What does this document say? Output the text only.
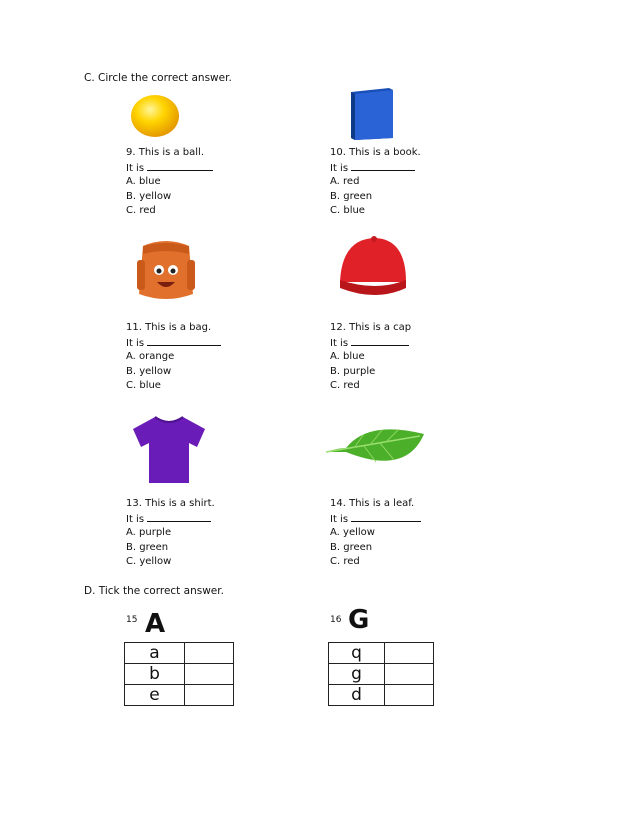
C. Circle the correct answer.
9. This is a ball.
It is
A. blue
B. yellow
C. red
10. This is a book.
It is
A. red
B. green
C. blue
11. This is a bag.
It is
A. orange
B. yellow
C. blue
12. This is a cap
It is
A. blue
B. purple
C. red
13. This is a shirt.
It is
A. purple
B. green
C. yellow
14. This is a leaf.
It is
A. yellow
B. green
C. red
D. Tick the correct answer.
15 A
a	
b	
e	
16 G
q	
g	
d	
